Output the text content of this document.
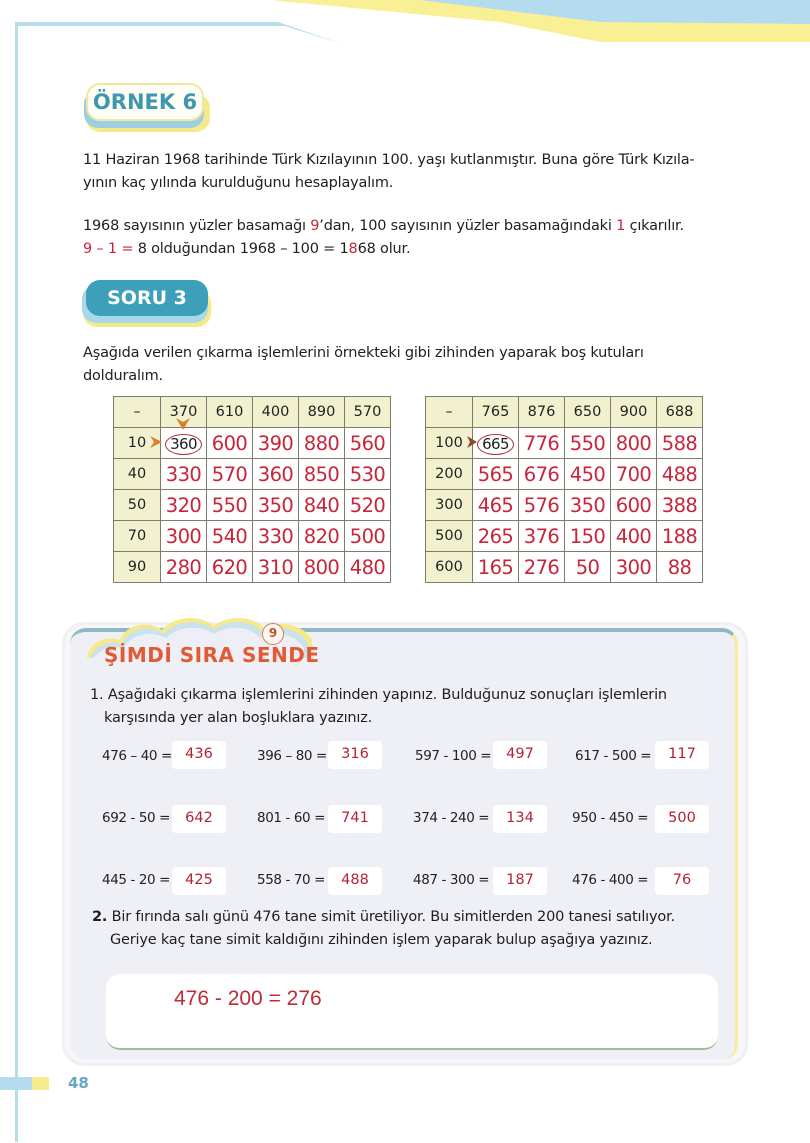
ÖRNEK 6
11 Haziran 1968 tarihinde Türk Kızılayının 100. yaşı kutlanmıştır. Buna göre Türk Kızıla-
yının kaç yılında kurulduğunu hesaplayalım.
1968 sayısının yüzler basamağı 9’dan, 100 sayısının yüzler basamağındaki 1 çıkarılır.
9 – 1 = 8 olduğundan 1968 – 100 = 1868 olur.
SORU 3
Aşağıda verilen çıkarma işlemlerini örnekteki gibi zihinden yaparak boş kutuları
dolduralım.
–	370	610	400	890	570
10	360	600	390	880	560
40	330	570	360	850	530
50	320	550	350	840	520
70	300	540	330	820	500
90	280	620	310	800	480
–	765	876	650	900	688
100	665	776	550	800	588
200	565	676	450	700	488
300	465	576	350	600	388
500	265	376	150	400	188
600	165	276	50	300	88
9
ŞİMDİ SIRA SENDE
1. Aşağıdaki çıkarma işlemlerini zihinden yapınız. Bulduğunuz sonuçları işlemlerin
karşısında yer alan boşluklara yazınız.
476 – 40 = 436	396 – 80 = 316	597 - 100 =	497	617 - 500 =	117
692 - 50 =	642	801 - 60 =	741	374 - 240 =	134	950 - 450 =	500
445 - 20 =	425	558 - 70 =	488	487 - 300 =	187	476 - 400 =	76
2. Bir fırında salı günü 476 tane simit üretiliyor. Bu simitlerden 200 tanesi satılıyor.
Geriye kaç tane simit kaldığını zihinden işlem yaparak bulup aşağıya yazınız.
476 - 200 = 276
48
